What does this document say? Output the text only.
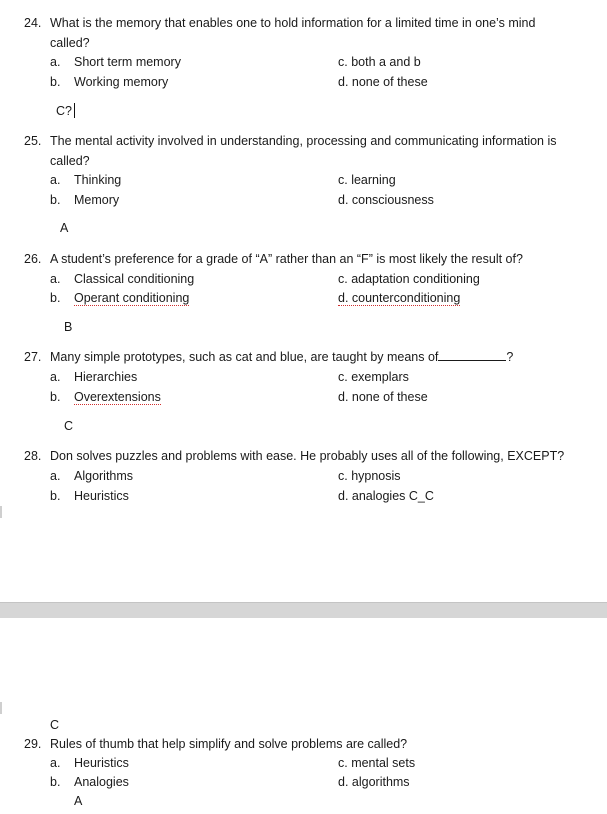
24. What is the memory that enables one to hold information for a limited time in one’s mind
called?
a. Short term memory
b. Working memory
c. both a and b
d. none of these
C?
25. The mental activity involved in understanding, processing and communicating information is
called?
a. Thinking
b. Memory
c. learning
d. consciousness
A
26. A student’s preference for a grade of “A” rather than an “F” is most likely the result of?
a. Classical conditioning
b. Operant conditioning
c. adaptation conditioning
d. counterconditioning
B
27. Many simple prototypes, such as cat and blue, are taught by means of	?
a. Hierarchies
b. Overextensions
c. exemplars
d. none of these
C
28. Don solves puzzles and problems with ease. He probably uses all of the following, EXCEPT?
a. Algorithms
b. Heuristics
c. hypnosis
d. analogies C_C
C
29. Rules of thumb that help simplify and solve problems are called?
a. Heuristics
b. Analogies
c. mental sets
d. algorithms
A
